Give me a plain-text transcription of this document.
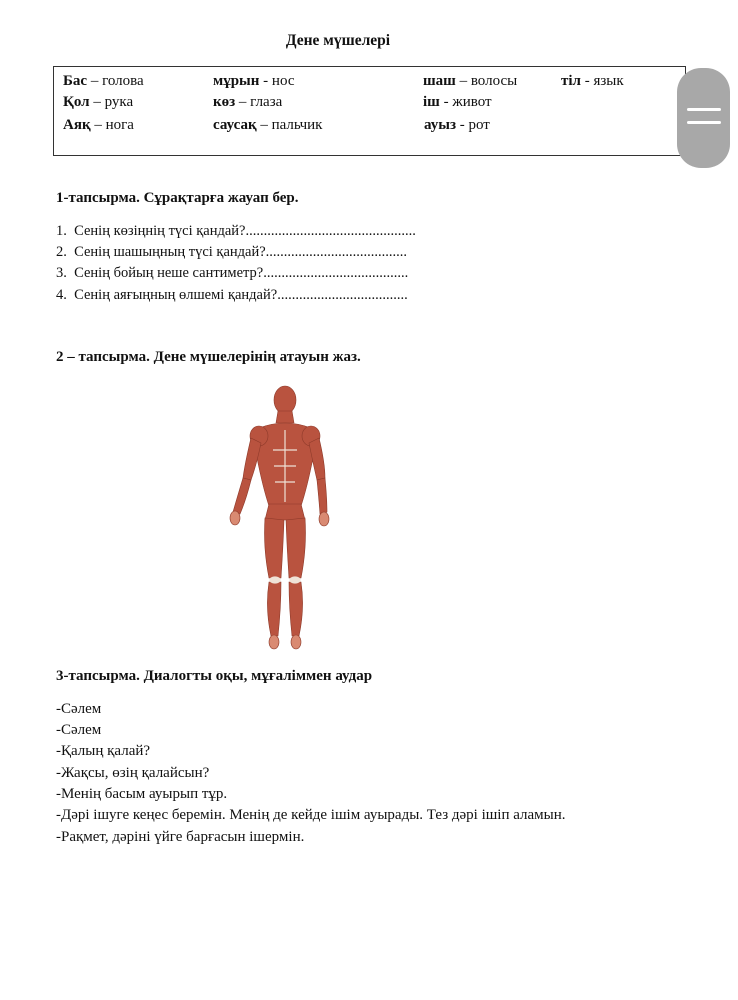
Дене мүшелері
Бас – голова	мұрын - нос	шаш – волосы	тіл - язык
Қол – рука	көз – глаза	іш - живот
Аяқ – нога	саусақ – пальчик	ауыз - рот
1-тапсырма. Сұрақтарға жауап бер.
1. Сенің көзіңнің түсі қандай?...............................................
2. Сенің шашыңның түсі қандай?.......................................
3. Сенің бойың неше сантиметр?........................................
4. Сенің аяғыңның өлшемі қандай?....................................
2 – тапсырма. Дене мүшелерінің атауын жаз.
3-тапсырма. Диалогты оқы, мұғаліммен аудар
-Сәлем
-Сәлем
-Қалың қалай?
-Жақсы, өзің қалайсын?
-Менің басым ауырып тұр.
-Дәрі ішуге кеңес беремін. Менің де кейде ішім ауырады. Тез дәрі ішіп аламын.
-Рақмет, дәріні үйге барғасын ішермін.
